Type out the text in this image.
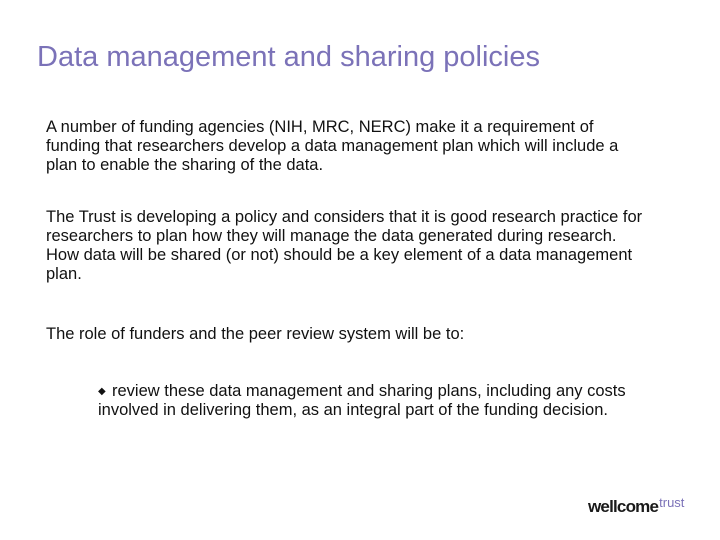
Data management and sharing policies
A number of funding agencies (NIH, MRC, NERC) make it a requirement of funding that researchers develop a data management plan which will include a plan to enable the sharing of the data.
The Trust is developing a policy and considers that it is good research practice for researchers to plan how they will manage the data generated during research. How data will be shared (or not) should be a key element of a data management plan.
The role of funders and the peer review system will be to:
◆ review these data management and sharing plans, including any costs involved in delivering them, as an integral part of the funding decision.
wellcome$^{trust}$
